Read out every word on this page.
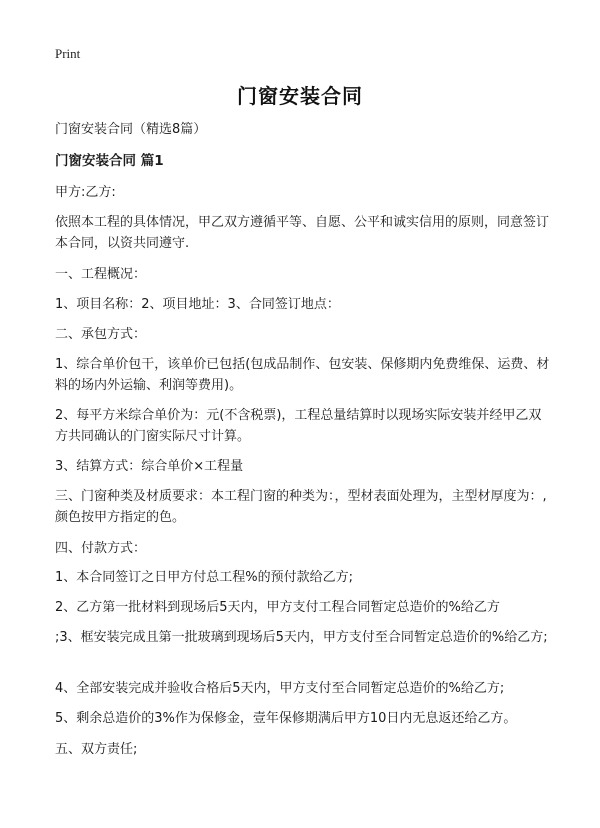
Print
门窗安装合同
门窗安装合同（精选8篇）
门窗安装合同 篇1
甲方:乙方:
依照本工程的具体情况，甲乙双方遵循平等、自愿、公平和诚实信用的原则，同意签订本合同，以资共同遵守.
一、工程概况：
1、项目名称：2、项目地址：3、合同签订地点：
二、承包方式：
1、综合单价包干，该单价已包括(包成品制作、包安装、保修期内免费维保、运费、材料的场内外运输、利润等费用)。
2、每平方米综合单价为：元(不含税票)，工程总量结算时以现场实际安装并经甲乙双方共同确认的门窗实际尺寸计算。
3、结算方式：综合单价×工程量
三、门窗种类及材质要求：本工程门窗的种类为：，型材表面处理为，主型材厚度为：,颜色按甲方指定的色。
四、付款方式：
1、本合同签订之日甲方付总工程%的预付款给乙方;
2、乙方第一批材料到现场后5天内，甲方支付工程合同暂定总造价的%给乙方
;3、框安装完成且第一批玻璃到现场后5天内，甲方支付至合同暂定总造价的%给乙方;
4、全部安装完成并验收合格后5天内，甲方支付至合同暂定总造价的%给乙方;
5、剩余总造价的3%作为保修金，壹年保修期满后甲方10日内无息返还给乙方。
五、双方责任;
